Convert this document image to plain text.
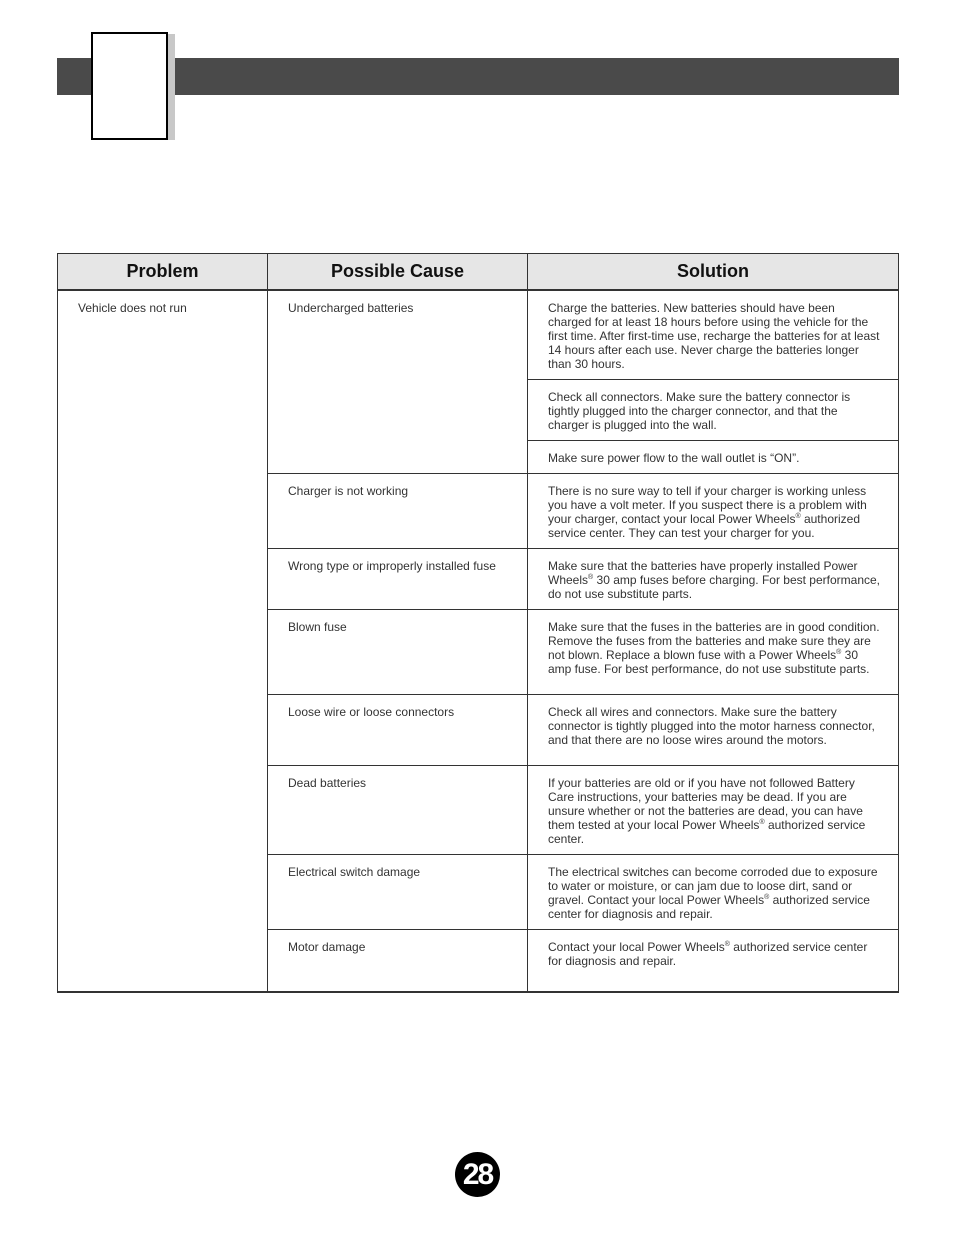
Problem	Possible Cause	Solution
Vehicle does not run	Undercharged batteries	Charge the batteries. New batteries should have been charged for at least 18 hours before using the vehicle for the first time. After first-time use, recharge the batteries for at least 14 hours after each use. Never charge the batteries longer than 30 hours.
		Check all connectors. Make sure the battery connector is tightly plugged into the charger connector, and that the charger is plugged into the wall.
		Make sure power flow to the wall outlet is “ON”.
	Charger is not working	There is no sure way to tell if your charger is working unless you have a volt meter. If you suspect there is a problem with your charger, contact your local Power Wheels® authorized service center. They can test your charger for you.
	Wrong type or improperly installed fuse	Make sure that the batteries have properly installed Power Wheels® 30 amp fuses before charging. For best performance, do not use substitute parts.
	Blown fuse	Make sure that the fuses in the batteries are in good condition. Remove the fuses from the batteries and make sure they are not blown. Replace a blown fuse with a Power Wheels® 30 amp fuse. For best performance, do not use substitute parts.
	Loose wire or loose connectors	Check all wires and connectors. Make sure the battery connector is tightly plugged into the motor harness connector, and that there are no loose wires around the motors.
	Dead batteries	If your batteries are old or if you have not followed Battery Care instructions, your batteries may be dead. If you are unsure whether or not the batteries are dead, you can have them tested at your local Power Wheels® authorized service center.
	Electrical switch damage	The electrical switches can become corroded due to exposure to water or moisture, or can jam due to loose dirt, sand or gravel. Contact your local Power Wheels® authorized service center for diagnosis and repair.
	Motor damage	Contact your local Power Wheels® authorized service center for diagnosis and repair.
28
